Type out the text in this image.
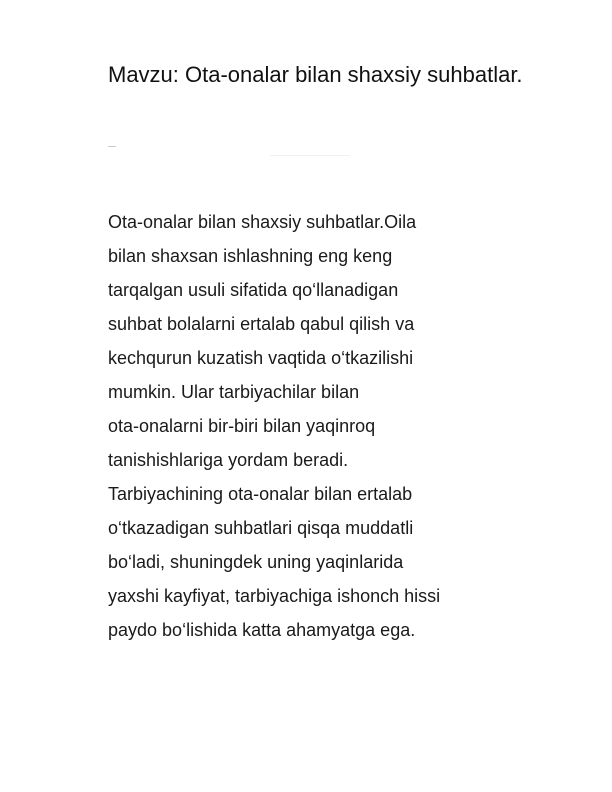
Mavzu: Ota-onalar bilan shaxsiy suhbatlar.

Ota-onalar bilan shaxsiy suhbatlar.Oila
bilan shaxsan ishlashning eng keng
tarqalgan usuli sifatida qo‘llanadigan
suhbat bolalarni ertalab qabul qilish va
kechqurun kuzatish vaqtida o‘tkazilishi
mumkin. Ular tarbiyachilar bilan
ota-onalarni bir-biri bilan yaqinroq
tanishishlariga yordam beradi.
Tarbiyachining ota-onalar bilan ertalab
o‘tkazadigan suhbatlari qisqa muddatli
bo‘ladi, shuningdek uning yaqinlarida
yaxshi kayfiyat, tarbiyachiga ishonch hissi
paydo bo‘lishida katta ahamyatga ega.
